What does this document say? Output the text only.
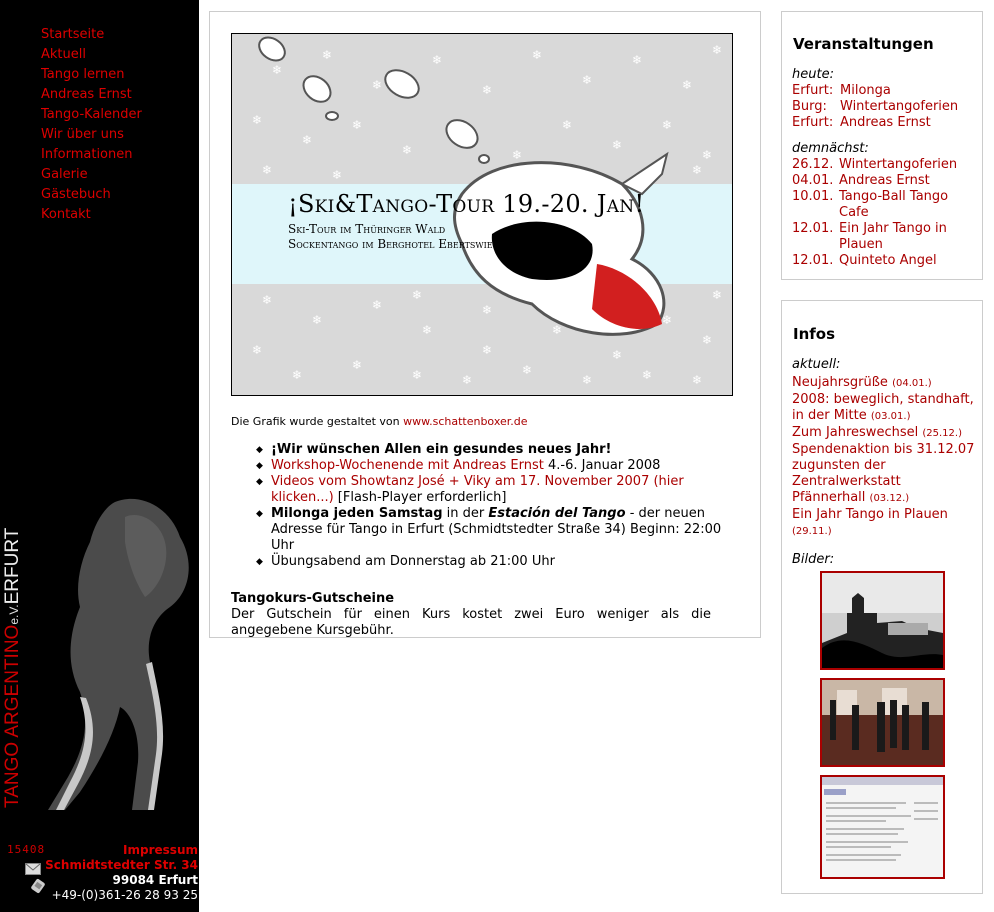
Startseite
Aktuell
Tango lernen
Andreas Ernst
Tango-Kalender
Wir über uns
Informationen
Galerie
Gästebuch
Kontakt
TANGO ARGENTINOe.V.ERFURT
15408	Impressum
Schmidtstedter Str. 34
99084 Erfurt
+49-(0)361-26 28 93 25
❄
❄
❄
❄
❄
❄
❄
❄
❄
❄
❄
❄
❄
❄	❄
❄
❄
❄
❄
❄	❄	❄
❄
❄
❄
❄
❄
❄
❄
❄
❄
❄
❄
❄
❄	❄
❄
❄	❄	❄
❄
❄
❄
¡Ski&Tango-Tour 19.-20. Jan!
Ski-Tour im Thüringer Wald
Sockentango im Berghotel Ebertswiese
Die Grafik wurde gestaltet von www.schattenboxer.de
◆ ¡Wir wünschen Allen ein gesundes neues Jahr!
◆ Workshop-Wochenende mit Andreas Ernst 4.-6. Januar 2008
◆ Videos vom Showtanz José + Viky am 17. November 2007 (hier klicken...) [Flash-Player erforderlich]
◆ Milonga jeden Samstag in der Estación del Tango - der neuen Adresse für Tango in Erfurt (Schmidtstedter Straße 34) Beginn: 22:00 Uhr
◆ Übungsabend am Donnerstag ab 21:00 Uhr
Tangokurs-Gutscheine
Der Gutschein für einen Kurs kostet zwei Euro weniger als die angegebene Kursgebühr.
Veranstaltungen
heute:
Erfurt: Milonga
Burg:	Wintertangoferien
Erfurt: Andreas Ernst
demnächst:
26.12. Wintertangoferien
04.01. Andreas Ernst
10.01. Tango-Ball Tango Cafe
12.01. Ein Jahr Tango in Plauen
12.01. Quinteto Angel
Infos
aktuell:
Neujahrsgrüße (04.01.)
2008: beweglich, standhaft, in der Mitte (03.01.)
Zum Jahreswechsel (25.12.)
Spendenaktion bis 31.12.07 zugunsten der Zentralwerkstatt Pfännerhall (03.12.)
Ein Jahr Tango in Plauen (29.11.)
Bilder:
